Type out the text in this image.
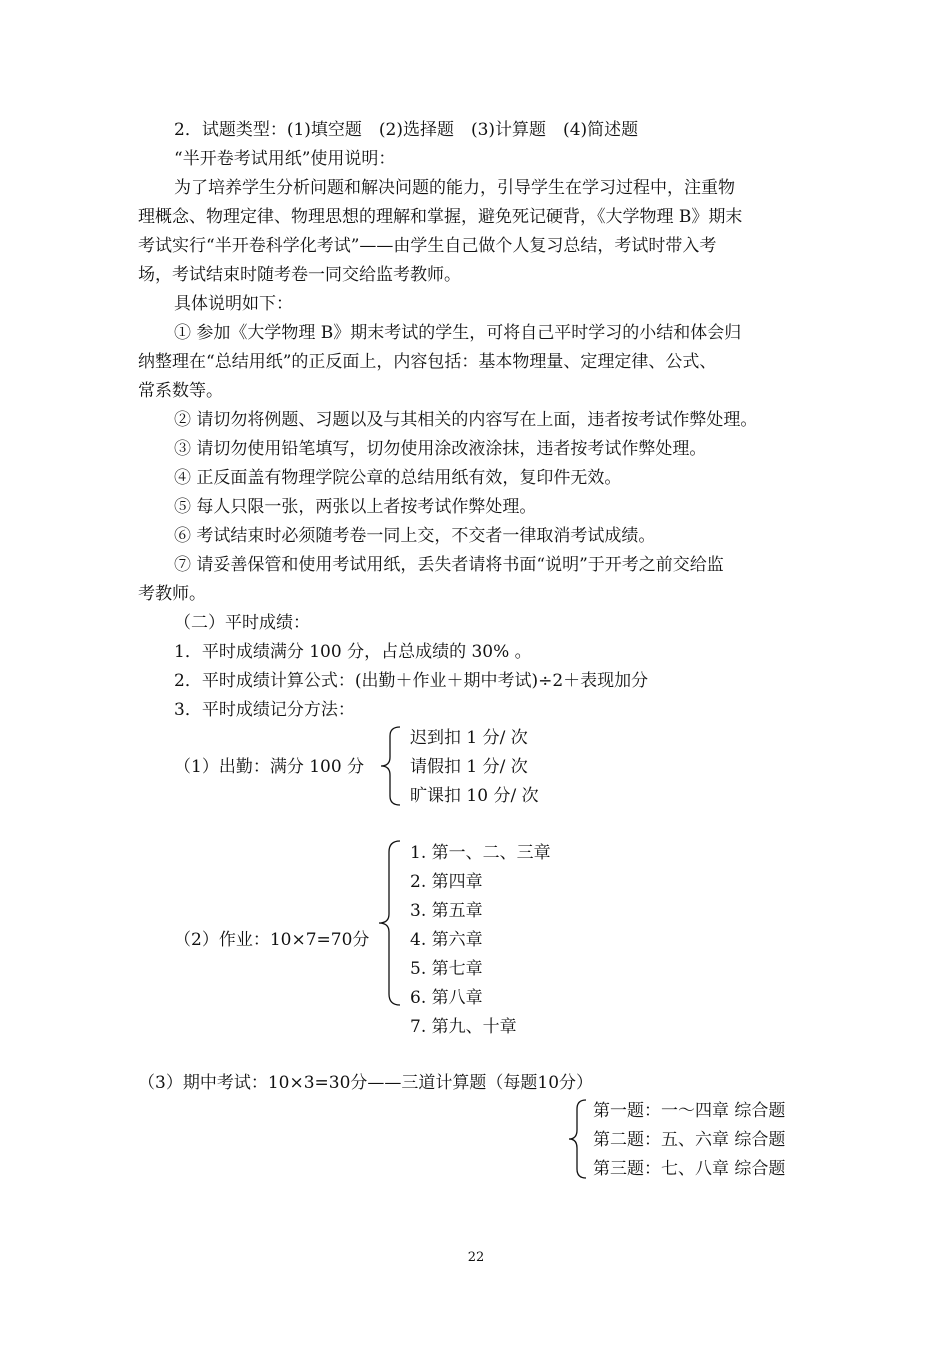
2．试题类型：(1)填空题　(2)选择题　(3)计算题　(4)简述题
“半开卷考试用纸”使用说明：
为了培养学生分析问题和解决问题的能力，引导学生在学习过程中，注重物
理概念、物理定律、物理思想的理解和掌握，避免死记硬背，《大学物理 B》期末
考试实行“半开卷科学化考试”——由学生自己做个人复习总结，考试时带入考
场，考试结束时随考卷一同交给监考教师。
具体说明如下：
① 参加《大学物理 B》期末考试的学生，可将自己平时学习的小结和体会归
纳整理在“总结用纸”的正反面上，内容包括：基本物理量、定理定律、公式、
常系数等。
② 请切勿将例题、习题以及与其相关的内容写在上面，违者按考试作弊处理。
③ 请切勿使用铅笔填写，切勿使用涂改液涂抹，违者按考试作弊处理。
④ 正反面盖有物理学院公章的总结用纸有效，复印件无效。
⑤ 每人只限一张，两张以上者按考试作弊处理。
⑥ 考试结束时必须随考卷一同上交，不交者一律取消考试成绩。
⑦ 请妥善保管和使用考试用纸，丢失者请将书面“说明”于开考之前交给监
考教师。
（二）平时成绩：
1．平时成绩满分 100 分，占总成绩的 30% 。
2．平时成绩计算公式：(出勤＋作业＋期中考试)÷2＋表现加分
3．平时成绩记分方法：
（1）出勤：满分 100 分
迟到扣 1 分/ 次
请假扣 1 分/ 次
旷课扣 10 分/ 次
（2）作业：10×7=70分
1. 第一、二、三章
2. 第四章
3. 第五章
4. 第六章
5. 第七章
6. 第八章
7. 第九、十章
（3）期中考试：10×3=30分——三道计算题（每题10分）
第一题：一～四章 综合题
第二题：五、六章 综合题
第三题：七、八章 综合题
22
